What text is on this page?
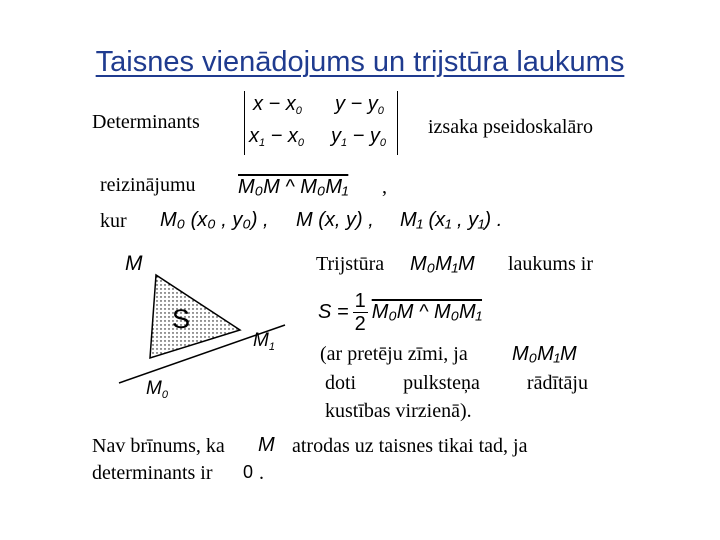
Taisnes vienādojums un trijstūra laukums
Determinants
$x - x_0$ $y - y_0$
$x_1 - x_0$ $y_1 - y_0$
izsaka pseidoskalāro
reizinājumu M₀M ^ M₀M₁ ,
kur M₀ (x₀ , y₀) , M (x, y) , M₁ (x₁ , y₁) .
Trijstūra M₀M₁M laukums ir
$S = \frac{1}{2} M_0M$ ^ M₀M₁
(ar pretēju zīmi, ja M₀M₁M
doti pulksteņa rādītāju
kustības virzienā).
Nav brīnums, ka M atrodas uz taisnes tikai tad, ja
determinants ir 0 .
M
$M_1$
$M_0$
S
